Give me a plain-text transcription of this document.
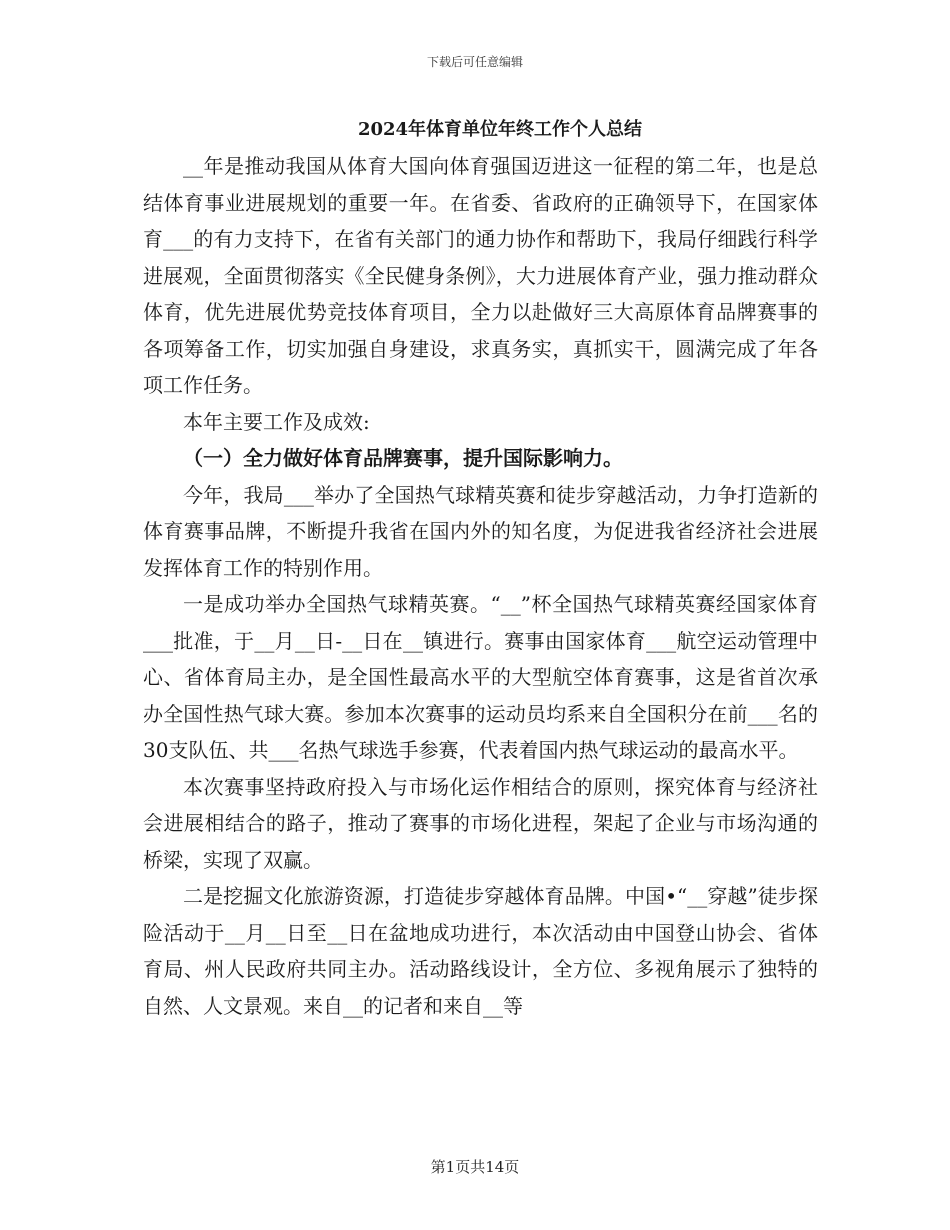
下载后可任意编辑
2024年体育单位年终工作个人总结

__年是推动我国从体育大国向体育强国迈进这一征程的第二年，也是总结体育事业进展规划的重要一年。在省委、省政府的正确领导下，在国家体育___的有力支持下，在省有关部门的通力协作和帮助下，我局仔细践行科学进展观，全面贯彻落实《全民健身条例》，大力进展体育产业，强力推动群众体育，优先进展优势竞技体育项目，全力以赴做好三大高原体育品牌赛事的各项筹备工作，切实加强自身建设，求真务实，真抓实干，圆满完成了年各项工作任务。

本年主要工作及成效:

（一）全力做好体育品牌赛事，提升国际影响力。

今年，我局___举办了全国热气球精英赛和徒步穿越活动，力争打造新的体育赛事品牌，不断提升我省在国内外的知名度，为促进我省经济社会进展发挥体育工作的特别作用。

一是成功举办全国热气球精英赛。“__”杯全国热气球精英赛经国家体育___批准，于__月__日-__日在__镇进行。赛事由国家体育___航空运动管理中心、省体育局主办，是全国性最高水平的大型航空体育赛事，这是省首次承办全国性热气球大赛。参加本次赛事的运动员均系来自全国积分在前___名的30支队伍、共___名热气球选手参赛，代表着国内热气球运动的最高水平。

本次赛事坚持政府投入与市场化运作相结合的原则，探究体育与经济社会进展相结合的路子，推动了赛事的市场化进程，架起了企业与市场沟通的桥梁，实现了双赢。

二是挖掘文化旅游资源，打造徒步穿越体育品牌。中国•“__穿越”徒步探险活动于__月__日至__日在盆地成功进行，本次活动由中国登山协会、省体育局、州人民政府共同主办。活动路线设计，全方位、多视角展示了独特的自然、人文景观。来自__的记者和来自__等

第1页共14页
